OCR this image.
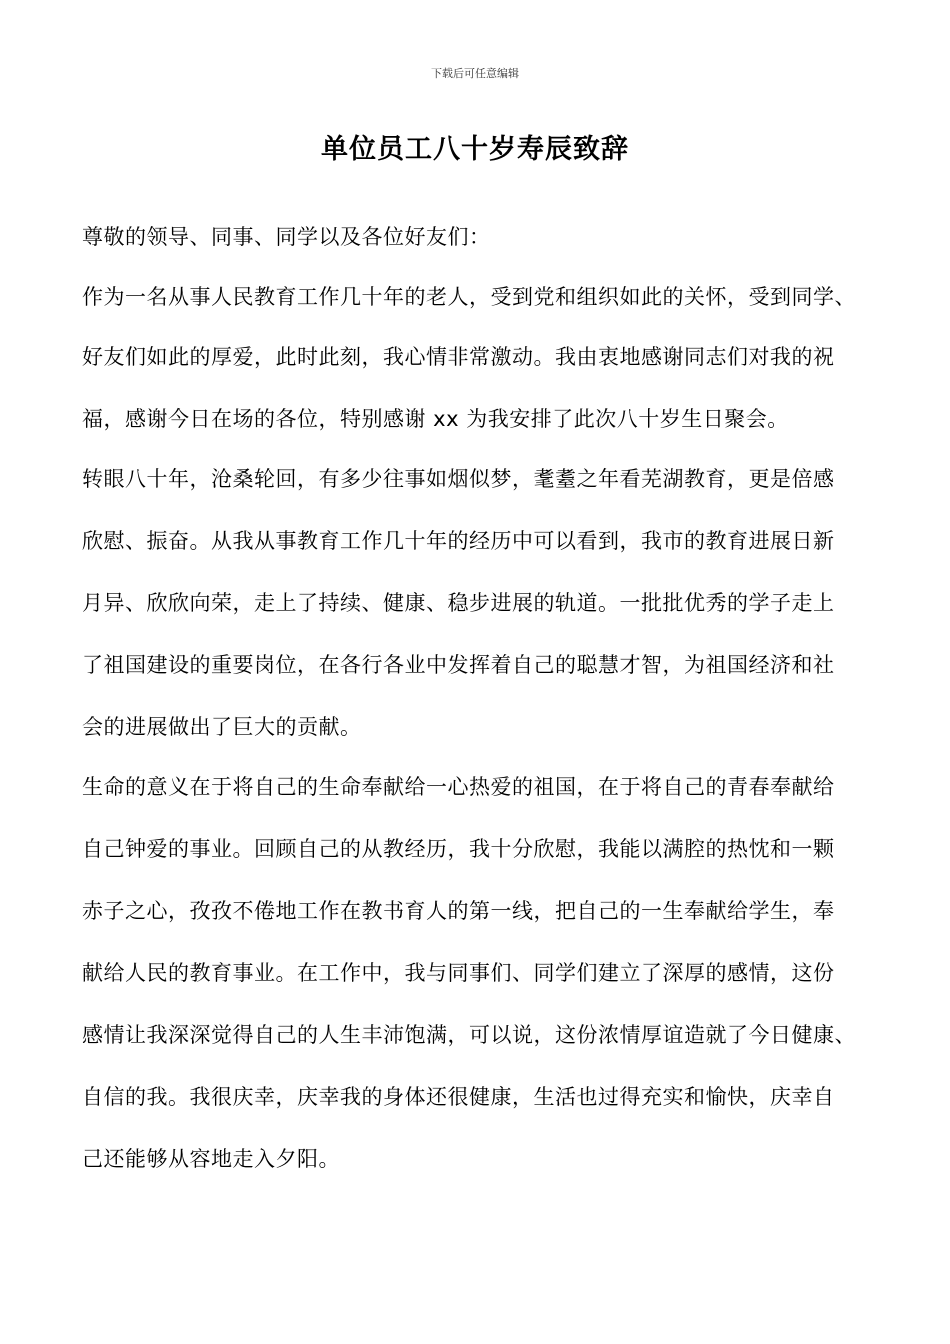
下载后可任意编辑
单位员工八十岁寿辰致辞
尊敬的领导、同事、同学以及各位好友们：
作为一名从事人民教育工作几十年的老人，受到党和组织如此的关怀，受到同学、
好友们如此的厚爱，此时此刻，我心情非常激动。我由衷地感谢同志们对我的祝
福，感谢今日在场的各位，特别感谢 xx 为我安排了此次八十岁生日聚会。
转眼八十年，沧桑轮回，有多少往事如烟似梦，耄耋之年看芜湖教育，更是倍感
欣慰、振奋。从我从事教育工作几十年的经历中可以看到，我市的教育进展日新
月异、欣欣向荣，走上了持续、健康、稳步进展的轨道。一批批优秀的学子走上
了祖国建设的重要岗位，在各行各业中发挥着自己的聪慧才智，为祖国经济和社
会的进展做出了巨大的贡献。
生命的意义在于将自己的生命奉献给一心热爱的祖国，在于将自己的青春奉献给
自己钟爱的事业。回顾自己的从教经历，我十分欣慰，我能以满腔的热忱和一颗
赤子之心，孜孜不倦地工作在教书育人的第一线，把自己的一生奉献给学生，奉
献给人民的教育事业。在工作中，我与同事们、同学们建立了深厚的感情，这份
感情让我深深觉得自己的人生丰沛饱满，可以说，这份浓情厚谊造就了今日健康、
自信的我。我很庆幸，庆幸我的身体还很健康，生活也过得充实和愉快，庆幸自
己还能够从容地走入夕阳。
